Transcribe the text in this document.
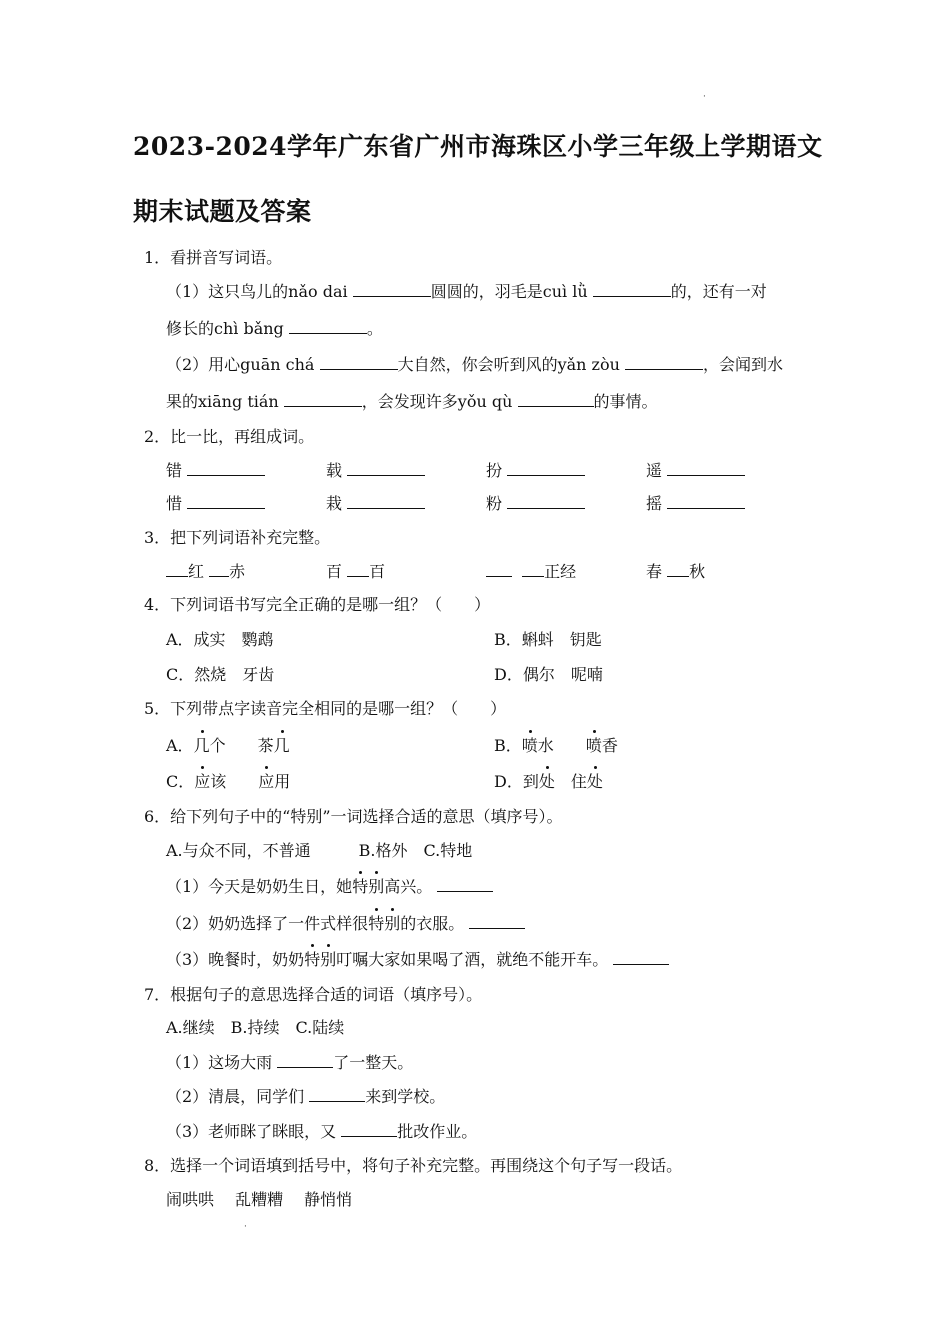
·
2023-2024学年广东省广州市海珠区小学三年级上学期语文
期末试题及答案
1．看拼音写词语。
（1）这只鸟儿的nǎo dai	圆圆的，羽毛是cuì lǜ	的，还有一对
修长的chì bǎng	。
（2）用心guān chá	大自然，你会听到风的yǎn zòu	，会闻到水
果的xiāng tián	，会发现许多yǒu qù	的事情。
2．比一比，再组成词。
错	载	扮	遥
惜	栽	粉	摇
3．把下列词语补充完整。
红 赤	百 百	正经	春 秋
4．下列词语书写完全正确的是哪一组？（　　）
A．成实　鹦鹉	B．蝌蚪　钥匙
C．然烧　牙齿	D．偶尔　呢喃
5．下列带点字读音完全相同的是哪一组？（　　）
A．几个　　茶几	B．喷水　　喷香
C．应该　　应用	D．到处　住处
6．给下列句子中的“特别”一词选择合适的意思（填序号）。
A.与众不同，不普通　　　B.格外　C.特地
（1）今天是奶奶生日，她特别高兴。
（2）奶奶选择了一件式样很特别的衣服。
（3）晚餐时，奶奶特别叮嘱大家如果喝了酒，就绝不能开车。
7．根据句子的意思选择合适的词语（填序号）。
A.继续　B.持续　C.陆续
（1）这场大雨	了一整天。
（2）清晨，同学们	来到学校。
（3）老师眯了眯眼，又	批改作业。
8．选择一个词语填到括号中，将句子补充完整。再围绕这个句子写一段话。
闹哄哄　 乱糟糟　 静悄悄
·
